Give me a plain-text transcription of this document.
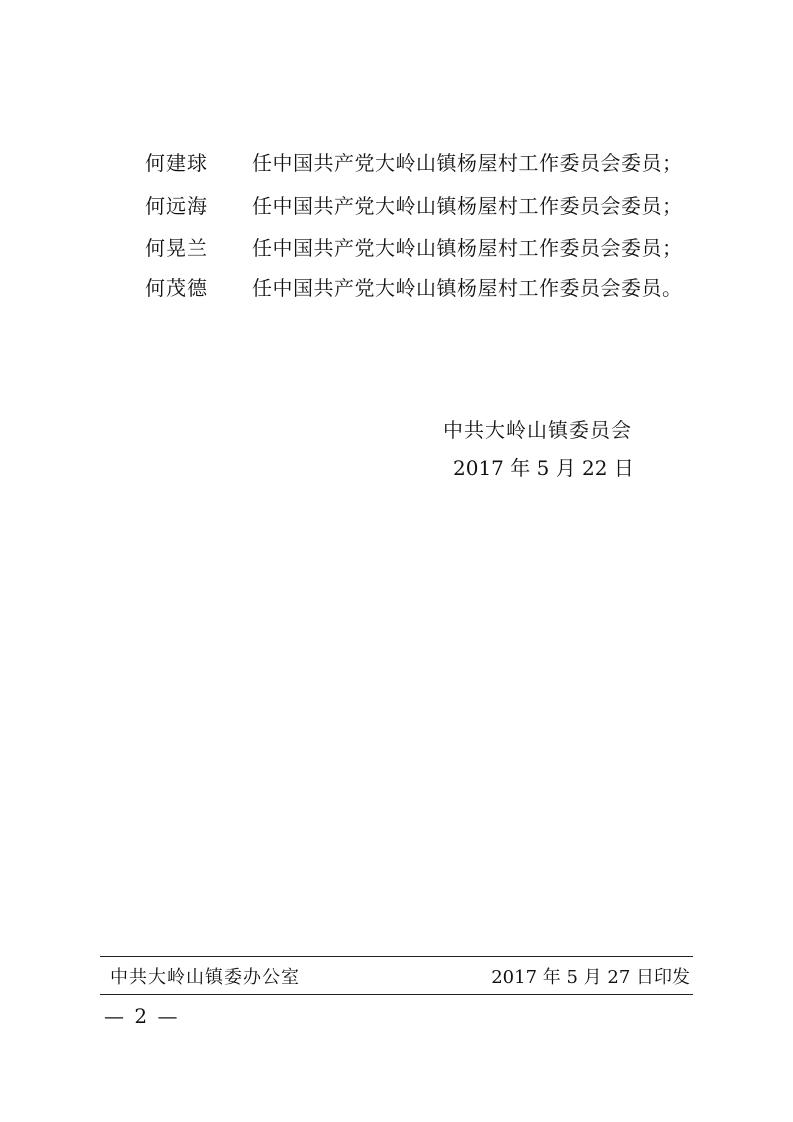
何建球 任中国共产党大岭山镇杨屋村工作委员会委员；
何远海 任中国共产党大岭山镇杨屋村工作委员会委员；
何晃兰 任中国共产党大岭山镇杨屋村工作委员会委员；
何茂德 任中国共产党大岭山镇杨屋村工作委员会委员。
中共大岭山镇委员会
2017 年 5 月 22 日
中共大岭山镇委办公室	2017 年 5 月 27 日印发
— 2 —
